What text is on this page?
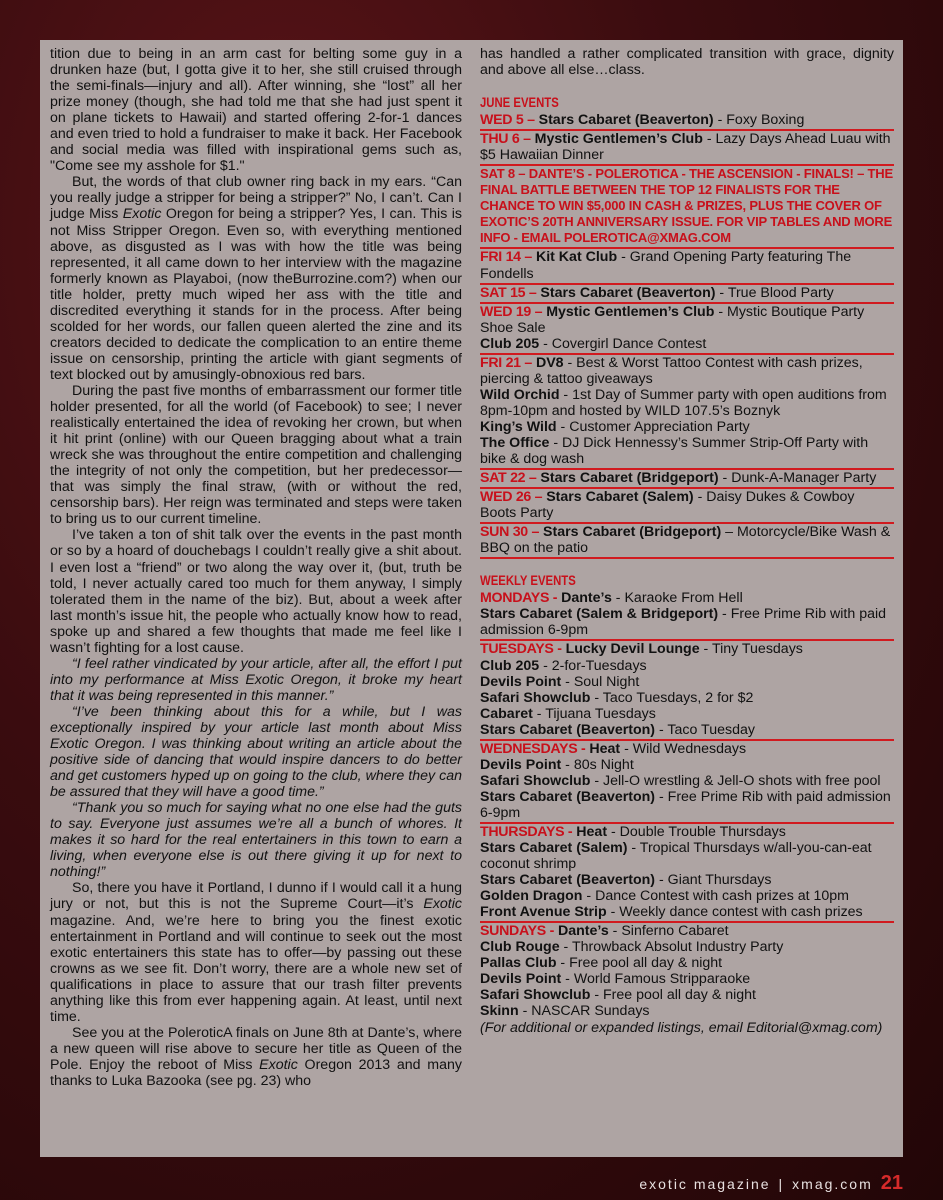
tition due to being in an arm cast for belting some guy in a drunken haze (but, I gotta give it to her, she still cruised through the semi-finals—injury and all). After winning, she “lost” all her prize money (though, she had told me that she had just spent it on plane tickets to Hawaii) and started offering 2-for-1 dances and even tried to hold a fundraiser to make it back. Her Facebook and social media was filled with inspirational gems such as, "Come see my asshole for $1."

But, the words of that club owner ring back in my ears. “Can you really judge a stripper for being a stripper?” No, I can’t. Can I judge Miss Exotic Oregon for being a stripper? Yes, I can. This is not Miss Stripper Oregon. Even so, with everything mentioned above, as disgusted as I was with how the title was being represented, it all came down to her interview with the magazine formerly known as Playaboi, (now theBurrozine.com?) when our title holder, pretty much wiped her ass with the title and discredited everything it stands for in the process. After being scolded for her words, our fallen queen alerted the zine and its creators decided to dedicate the complication to an entire theme issue on censorship, printing the article with giant segments of text blocked out by amusingly-obnoxious red bars.

During the past five months of embarrassment our former title holder presented, for all the world (of Facebook) to see; I never realistically entertained the idea of revoking her crown, but when it hit print (online) with our Queen bragging about what a train wreck she was throughout the entire competition and challenging the integrity of not only the competition, but her predecessor—that was simply the final straw, (with or without the red, censorship bars). Her reign was terminated and steps were taken to bring us to our current timeline.

I’ve taken a ton of shit talk over the events in the past month or so by a hoard of douchebags I couldn’t really give a shit about. I even lost a “friend” or two along the way over it, (but, truth be told, I never actually cared too much for them anyway, I simply tolerated them in the name of the biz). But, about a week after last month’s issue hit, the people who actually know how to read, spoke up and shared a few thoughts that made me feel like I wasn’t fighting for a lost cause.

“I feel rather vindicated by your article, after all, the effort I put into my performance at Miss Exotic Oregon, it broke my heart that it was being represented in this manner.”

“I’ve been thinking about this for a while, but I was exceptionally inspired by your article last month about Miss Exotic Oregon. I was thinking about writing an article about the positive side of dancing that would inspire dancers to do better and get customers hyped up on going to the club, where they can be assured that they will have a good time.”

“Thank you so much for saying what no one else had the guts to say. Everyone just assumes we’re all a bunch of whores. It makes it so hard for the real entertainers in this town to earn a living, when everyone else is out there giving it up for next to nothing!”

So, there you have it Portland, I dunno if I would call it a hung jury or not, but this is not the Supreme Court—it’s Exotic magazine. And, we’re here to bring you the finest exotic entertainment in Portland and will continue to seek out the most exotic entertainers this state has to offer—by passing out these crowns as we see fit. Don’t worry, there are a whole new set of qualifications in place to assure that our trash filter prevents anything like this from ever happening again. At least, until next time.

See you at the PoleroticA finals on June 8th at Dante’s, where a new queen will rise above to secure her title as Queen of the Pole. Enjoy the reboot of Miss Exotic Oregon 2013 and many thanks to Luka Bazooka (see pg. 23) who

has handled a rather complicated transition with grace, dignity and above all else…class.

JUNE EVENTS

WED 5 – Stars Cabaret (Beaverton) - Foxy Boxing

THU 6 – Mystic Gentlemen’s Club - Lazy Days Ahead Luau with $5 Hawaiian Dinner

SAT 8 – DANTE’S - POLEROTICA - THE ASCENSION - FINALS! – THE FINAL BATTLE BETWEEN THE TOP 12 FINALISTS FOR THE CHANCE TO WIN $5,000 IN CASH & PRIZES, PLUS THE COVER OF EXOTIC’S 20TH ANNIVERSARY ISSUE. FOR VIP TABLES AND MORE INFO - EMAIL POLEROTICA@XMAG.COM

FRI 14 – Kit Kat Club - Grand Opening Party featuring The Fondells

SAT 15 – Stars Cabaret (Beaverton) - True Blood Party

WED 19 – Mystic Gentlemen’s Club - Mystic Boutique Party Shoe Sale
Club 205 - Covergirl Dance Contest

FRI 21 – DV8 - Best & Worst Tattoo Contest with cash prizes, piercing & tattoo giveaways
Wild Orchid - 1st Day of Summer party with open auditions from 8pm-10pm and hosted by WILD 107.5’s Boznyk
King’s Wild - Customer Appreciation Party
The Office - DJ Dick Hennessy’s Summer Strip-Off Party with bike & dog wash

SAT 22 – Stars Cabaret (Bridgeport) - Dunk-A-Manager Party

WED 26 – Stars Cabaret (Salem) - Daisy Dukes & Cowboy Boots Party

SUN 30 – Stars Cabaret (Bridgeport) – Motorcycle/Bike Wash & BBQ on the patio

WEEKLY EVENTS

MONDAYS - Dante’s - Karaoke From Hell
Stars Cabaret (Salem & Bridgeport) - Free Prime Rib with paid admission 6-9pm

TUESDAYS - Lucky Devil Lounge - Tiny Tuesdays
Club 205 - 2-for-Tuesdays
Devils Point - Soul Night
Safari Showclub - Taco Tuesdays, 2 for $2
Cabaret - Tijuana Tuesdays
Stars Cabaret (Beaverton) - Taco Tuesday

WEDNESDAYS - Heat - Wild Wednesdays
Devils Point - 80s Night
Safari Showclub - Jell-O wrestling & Jell-O shots with free pool
Stars Cabaret (Beaverton) - Free Prime Rib with paid admission 6-9pm

THURSDAYS - Heat - Double Trouble Thursdays
Stars Cabaret (Salem) - Tropical Thursdays w/all-you-can-eat coconut shrimp
Stars Cabaret (Beaverton) - Giant Thursdays
Golden Dragon - Dance Contest with cash prizes at 10pm
Front Avenue Strip - Weekly dance contest with cash prizes

SUNDAYS - Dante’s - Sinferno Cabaret
Club Rouge - Throwback Absolut Industry Party
Pallas Club - Free pool all day & night
Devils Point - World Famous Stripparaoke
Safari Showclub - Free pool all day & night
Skinn - NASCAR Sundays

(For additional or expanded listings, email Editorial@xmag.com)

exotic magazine | xmag.com 21
